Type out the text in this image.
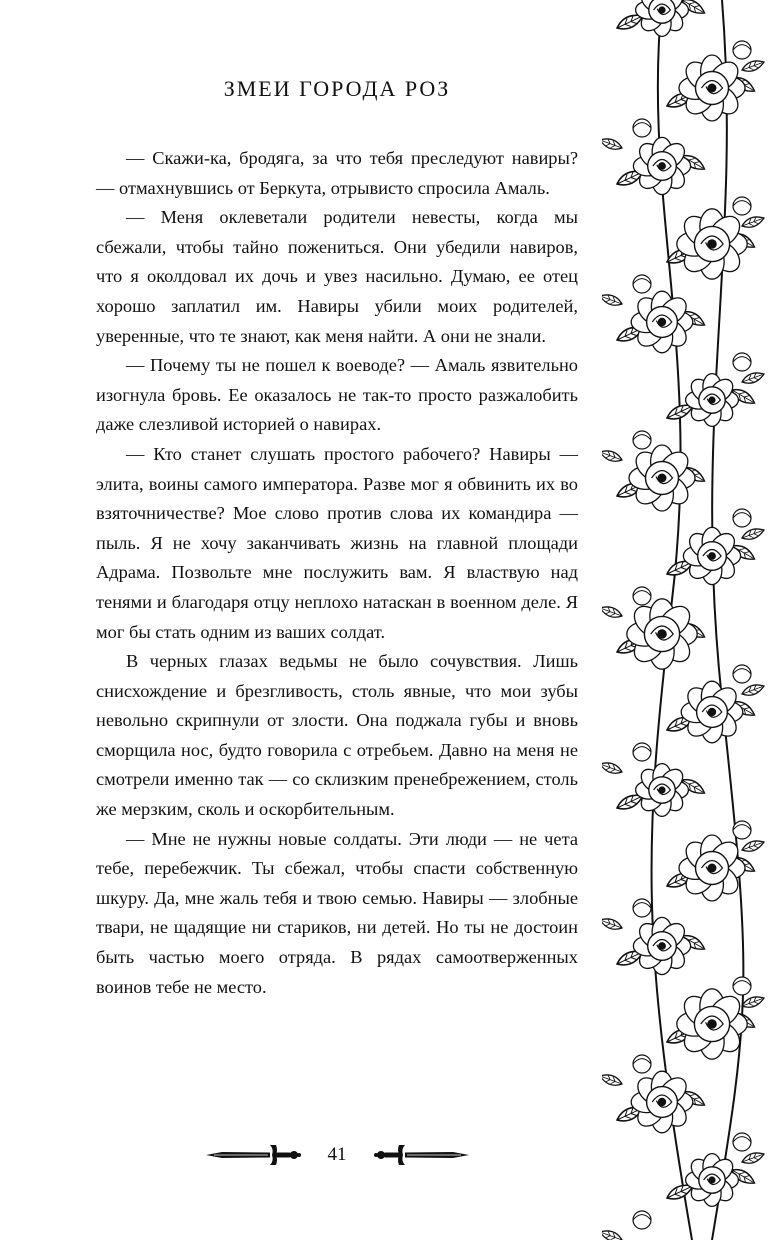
ЗМЕИ ГОРОДА РОЗ

— Скажи-ка, бродяга, за что тебя преследуют навиры? — отмахнувшись от Беркута, отрывисто спросила Амаль.

— Меня оклеветали родители невесты, когда мы сбежали, чтобы тайно пожениться. Они убедили навиров, что я околдовал их дочь и увез насильно. Думаю, ее отец хорошо заплатил им. Навиры убили моих родителей, уверенные, что те знают, как меня найти. А они не знали.

— Почему ты не пошел к воеводе? — Амаль язвительно изогнула бровь. Ее оказалось не так-то просто разжалобить даже слезливой историей о навирах.

— Кто станет слушать простого рабочего? Навиры — элита, воины самого императора. Разве мог я обвинить их во взяточничестве? Мое слово против слова их командира — пыль. Я не хочу заканчивать жизнь на главной площади Адрама. Позвольте мне послужить вам. Я властвую над тенями и благодаря отцу неплохо натаскан в военном деле. Я мог бы стать одним из ваших солдат.

В черных глазах ведьмы не было сочувствия. Лишь снисхождение и брезгливость, столь явные, что мои зубы невольно скрипнули от злости. Она поджала губы и вновь сморщила нос, будто говорила с отребьем. Давно на меня не смотрели именно так — со склизким пренебрежением, столь же мерзким, сколь и оскорбительным.

— Мне не нужны новые солдаты. Эти люди — не чета тебе, перебежчик. Ты сбежал, чтобы спасти собственную шкуру. Да, мне жаль тебя и твою семью. Навиры — злобные твари, не щадящие ни стариков, ни детей. Но ты не достоин быть частью моего отряда. В рядах самоотверженных воинов тебе не место.

41
